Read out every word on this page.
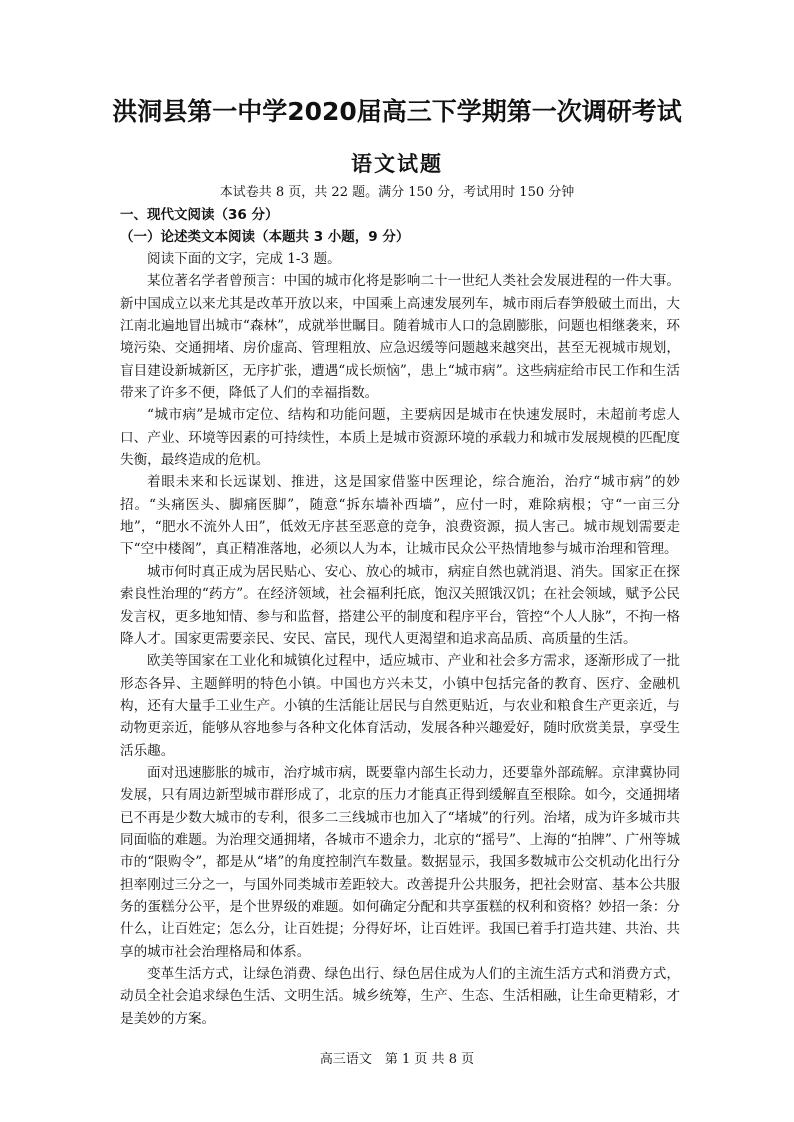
洪洞县第一中学2020届高三下学期第一次调研考试
语文试题
本试卷共 8 页，共 22 题。满分 150 分，考试用时 150 分钟
一、现代文阅读（36 分）
（一）论述类文本阅读（本题共 3 小题，9 分）

阅读下面的文字，完成 1-3 题。

某位著名学者曾预言：中国的城市化将是影响二十一世纪人类社会发展进程的一件大事。新中国成立以来尤其是改革开放以来，中国乘上高速发展列车，城市雨后春笋般破土而出，大江南北遍地冒出城市“森林”，成就举世瞩目。随着城市人口的急剧膨胀，问题也相继袭来，环境污染、交通拥堵、房价虚高、管理粗放、应急迟缓等问题越来越突出，甚至无视城市规划，盲目建设新城新区，无序扩张，遭遇“成长烦恼”，患上“城市病”。这些病症给市民工作和生活带来了许多不便，降低了人们的幸福指数。

“城市病”是城市定位、结构和功能问题，主要病因是城市在快速发展时，未超前考虑人口、产业、环境等因素的可持续性，本质上是城市资源环境的承载力和城市发展规模的匹配度失衡，最终造成的危机。

着眼未来和长远谋划、推进，这是国家借鉴中医理论，综合施治，治疗“城市病”的妙招。“头痛医头、脚痛医脚”，随意“拆东墙补西墙”，应付一时，难除病根；守“一亩三分地”，“肥水不流外人田”，低效无序甚至恶意的竞争，浪费资源，损人害己。城市规划需要走下“空中楼阁”，真正精准落地，必须以人为本，让城市民众公平热情地参与城市治理和管理。

城市何时真正成为居民贴心、安心、放心的城市，病症自然也就消退、消失。国家正在探索良性治理的“药方”。在经济领域，社会福利托底，饱汉关照饿汉饥；在社会领域，赋予公民发言权，更多地知情、参与和监督，搭建公平的制度和程序平台，管控“个人人脉”，不拘一格降人才。国家更需要亲民、安民、富民，现代人更渴望和追求高品质、高质量的生活。

欧美等国家在工业化和城镇化过程中，适应城市、产业和社会多方需求，逐渐形成了一批形态各异、主题鲜明的特色小镇。中国也方兴未艾，小镇中包括完备的教育、医疗、金融机构，还有大量手工业生产。小镇的生活能让居民与自然更贴近，与农业和粮食生产更亲近，与动物更亲近，能够从容地参与各种文化体育活动，发展各种兴趣爱好，随时欣赏美景，享受生活乐趣。

面对迅速膨胀的城市，治疗城市病，既要靠内部生长动力，还要靠外部疏解。京津冀协同发展，只有周边新型城市群形成了，北京的压力才能真正得到缓解直至根除。如今，交通拥堵已不再是少数大城市的专利，很多二三线城市也加入了“堵城”的行列。治堵，成为许多城市共同面临的难题。为治理交通拥堵，各城市不遗余力，北京的“摇号”、上海的“拍牌”、广州等城市的“限购令”，都是从“堵”的角度控制汽车数量。数据显示，我国多数城市公交机动化出行分担率刚过三分之一，与国外同类城市差距较大。改善提升公共服务，把社会财富、基本公共服务的蛋糕分公平，是个世界级的难题。如何确定分配和共享蛋糕的权利和资格？妙招一条：分什么，让百姓定；怎么分，让百姓提；分得好坏，让百姓评。我国已着手打造共建、共治、共享的城市社会治理格局和体系。

变革生活方式，让绿色消费、绿色出行、绿色居住成为人们的主流生活方式和消费方式，动员全社会追求绿色生活、文明生活。城乡统筹，生产、生态、生活相融，让生命更精彩，才是美妙的方案。

高三语文　第 1 页 共 8 页
